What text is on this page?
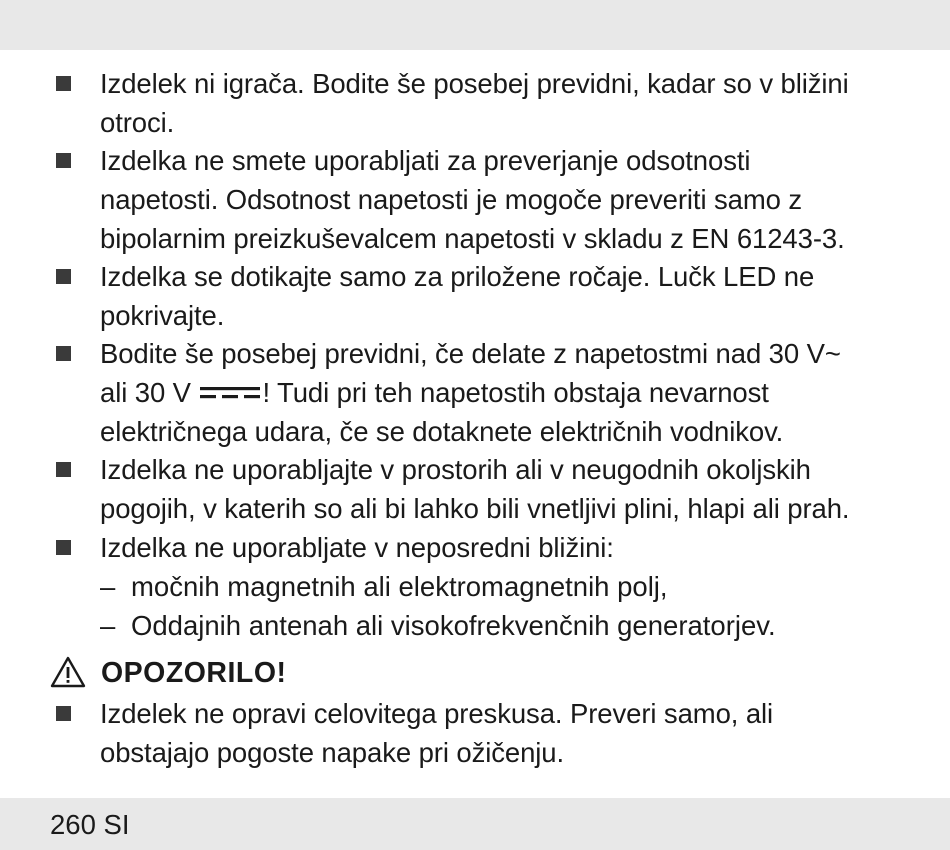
Izdelek ni igrača. Bodite še posebej previdni, kadar so v bližini
otroci.
Izdelka ne smete uporabljati za preverjanje odsotnosti
napetosti. Odsotnost napetosti je mogoče preveriti samo z
bipolarnim preizkuševalcem napetosti v skladu z EN 61243-3.
Izdelka se dotikajte samo za priložene ročaje. Lučk LED ne
pokrivajte.
Bodite še posebej previdni, če delate z napetostmi nad 30 V~
ali 30 V ! Tudi pri teh napetostih obstaja nevarnost
električnega udara, če se dotaknete električnih vodnikov.
Izdelka ne uporabljajte v prostorih ali v neugodnih okoljskih
pogojih, v katerih so ali bi lahko bili vnetljivi plini, hlapi ali prah.
Izdelka ne uporabljate v neposredni bližini:
– močnih magnetnih ali elektromagnetnih polj,
– Oddajnih antenah ali visokofrekvenčnih generatorjev.
OPOZORILO!
Izdelek ne opravi celovitega preskusa. Preveri samo, ali
obstajajo pogoste napake pri ožičenju.
260 SI
